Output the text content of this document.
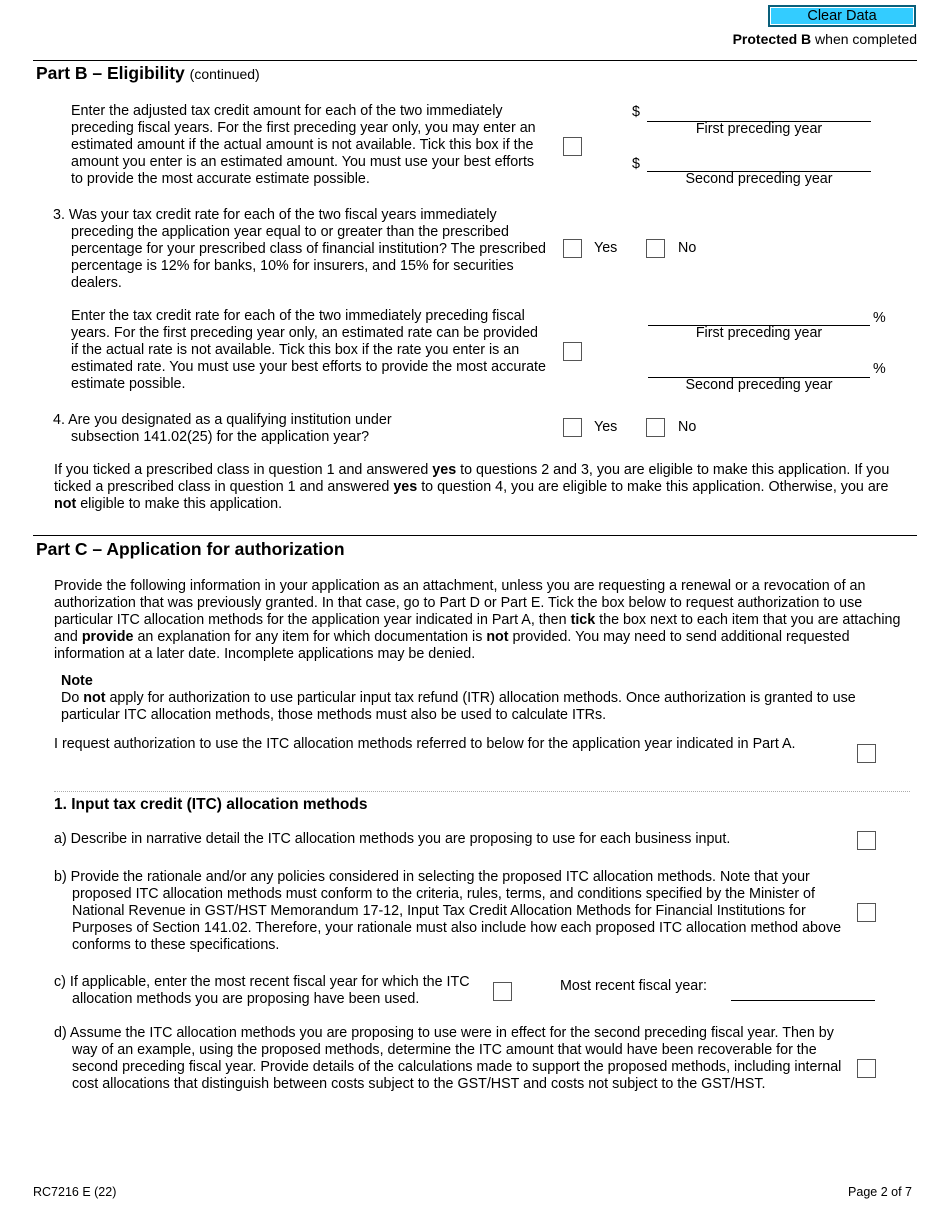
Clear Data
Protected B when completed
Part B – Eligibility (continued)
Enter the adjusted tax credit amount for each of the two immediately preceding fiscal years. For the first preceding year only, you may enter an estimated amount if the actual amount is not available. Tick this box if the amount you enter is an estimated amount. You must use your best efforts to provide the most accurate estimate possible.
$
First preceding year
$
Second preceding year
3. Was your tax credit rate for each of the two fiscal years immediately preceding the application year equal to or greater than the prescribed percentage for your prescribed class of financial institution? The prescribed percentage is 12% for banks, 10% for insurers, and 15% for securities dealers.
Yes	No
Enter the tax credit rate for each of the two immediately preceding fiscal years. For the first preceding year only, an estimated rate can be provided if the actual rate is not available. Tick this box if the rate you enter is an estimated rate. You must use your best efforts to provide the most accurate estimate possible.
%
First preceding year
%
Second preceding year
4. Are you designated as a qualifying institution under subsection 141.02(25) for the application year?
Yes	No
If you ticked a prescribed class in question 1 and answered yes to questions 2 and 3, you are eligible to make this application. If you ticked a prescribed class in question 1 and answered yes to question 4, you are eligible to make this application. Otherwise, you are not eligible to make this application.
Part C – Application for authorization
Provide the following information in your application as an attachment, unless you are requesting a renewal or a revocation of an authorization that was previously granted. In that case, go to Part D or Part E. Tick the box below to request authorization to use particular ITC allocation methods for the application year indicated in Part A, then tick the box next to each item that you are attaching and provide an explanation for any item for which documentation is not provided. You may need to send additional requested information at a later date. Incomplete applications may be denied.
Note
Do not apply for authorization to use particular input tax refund (ITR) allocation methods. Once authorization is granted to use particular ITC allocation methods, those methods must also be used to calculate ITRs.
I request authorization to use the ITC allocation methods referred to below for the application year indicated in Part A.
1. Input tax credit (ITC) allocation methods
a) Describe in narrative detail the ITC allocation methods you are proposing to use for each business input.
b) Provide the rationale and/or any policies considered in selecting the proposed ITC allocation methods. Note that your proposed ITC allocation methods must conform to the criteria, rules, terms, and conditions specified by the Minister of National Revenue in GST/HST Memorandum 17-12, Input Tax Credit Allocation Methods for Financial Institutions for Purposes of Section 141.02. Therefore, your rationale must also include how each proposed ITC allocation method above conforms to these specifications.
c) If applicable, enter the most recent fiscal year for which the ITC allocation methods you are proposing have been used.
Most recent fiscal year:
d) Assume the ITC allocation methods you are proposing to use were in effect for the second preceding fiscal year. Then by way of an example, using the proposed methods, determine the ITC amount that would have been recoverable for the second preceding fiscal year. Provide details of the calculations made to support the proposed methods, including internal cost allocations that distinguish between costs subject to the GST/HST and costs not subject to the GST/HST.
RC7216 E (22)	Page 2 of 7
